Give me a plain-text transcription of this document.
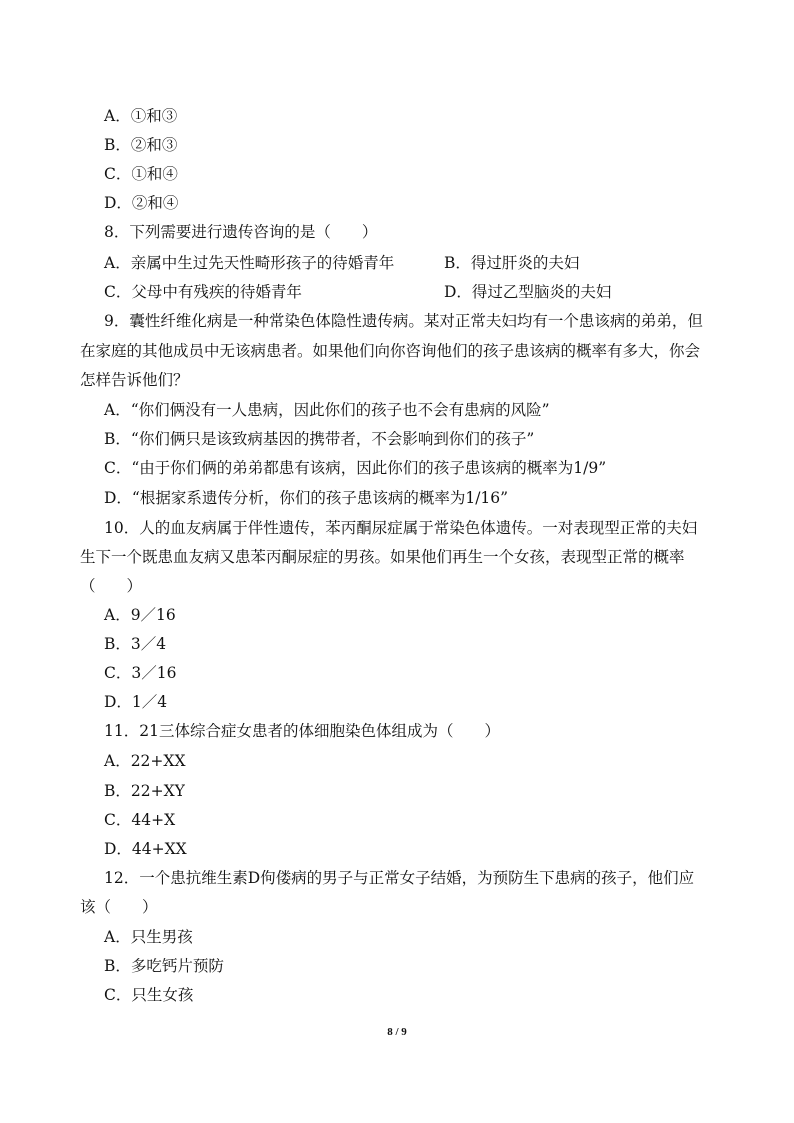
A．①和③
B．②和③
C．①和④
D．②和④
8．下列需要进行遗传咨询的是（　　）
A．亲属中生过先天性畸形孩子的待婚青年	B．得过肝炎的夫妇
C．父母中有残疾的待婚青年	D．得过乙型脑炎的夫妇
9．囊性纤维化病是一种常染色体隐性遗传病。某对正常夫妇均有一个患该病的弟弟，但
在家庭的其他成员中无该病患者。如果他们向你咨询他们的孩子患该病的概率有多大，你会
怎样告诉他们？
A．“你们俩没有一人患病，因此你们的孩子也不会有患病的风险”
B．“你们俩只是该致病基因的携带者，不会影响到你们的孩子”
C．“由于你们俩的弟弟都患有该病，因此你们的孩子患该病的概率为1/9”
D．“根据家系遗传分析，你们的孩子患该病的概率为1/16”
10．人的血友病属于伴性遗传，苯丙酮尿症属于常染色体遗传。一对表现型正常的夫妇
生下一个既患血友病又患苯丙酮尿症的男孩。如果他们再生一个女孩，表现型正常的概率
（　　）
A．9／16
B．3／4
C．3／16
D．1／4
11．21三体综合症女患者的体细胞染色体组成为（　　）
A．22+XX
B．22+XY
C．44+X
D．44+XX
12．一个患抗维生素D佝偻病的男子与正常女子结婚，为预防生下患病的孩子，他们应
该（　　）
A．只生男孩
B．多吃钙片预防
C．只生女孩
8 / 9
